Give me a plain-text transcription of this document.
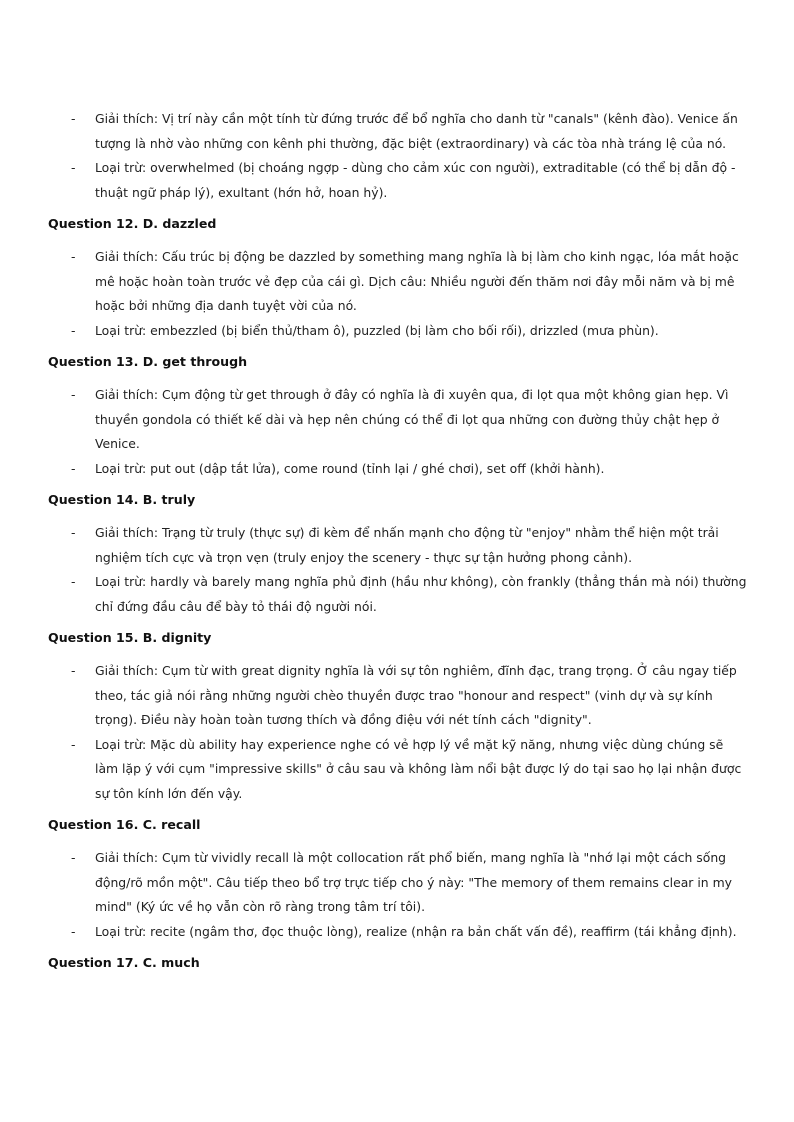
- Giải thích: Vị trí này cần một tính từ đứng trước để bổ nghĩa cho danh từ "canals" (kênh đào). Venice ấn tượng là nhờ vào những con kênh phi thường, đặc biệt (extraordinary) và các tòa nhà tráng lệ của nó.
- Loại trừ: overwhelmed (bị choáng ngợp - dùng cho cảm xúc con người), extraditable (có thể bị dẫn độ - thuật ngữ pháp lý), exultant (hớn hở, hoan hỷ).
Question 12. D. dazzled
- Giải thích: Cấu trúc bị động be dazzled by something mang nghĩa là bị làm cho kinh ngạc, lóa mắt hoặc mê hoặc hoàn toàn trước vẻ đẹp của cái gì. Dịch câu: Nhiều người đến thăm nơi đây mỗi năm và bị mê hoặc bởi những địa danh tuyệt vời của nó.
- Loại trừ: embezzled (bị biển thủ/tham ô), puzzled (bị làm cho bối rối), drizzled (mưa phùn).
Question 13. D. get through
- Giải thích: Cụm động từ get through ở đây có nghĩa là đi xuyên qua, đi lọt qua một không gian hẹp. Vì thuyền gondola có thiết kế dài và hẹp nên chúng có thể đi lọt qua những con đường thủy chật hẹp ở Venice.
- Loại trừ: put out (dập tắt lửa), come round (tỉnh lại / ghé chơi), set off (khởi hành).
Question 14. B. truly
- Giải thích: Trạng từ truly (thực sự) đi kèm để nhấn mạnh cho động từ "enjoy" nhằm thể hiện một trải nghiệm tích cực và trọn vẹn (truly enjoy the scenery - thực sự tận hưởng phong cảnh).
- Loại trừ: hardly và barely mang nghĩa phủ định (hầu như không), còn frankly (thẳng thắn mà nói) thường chỉ đứng đầu câu để bày tỏ thái độ người nói.
Question 15. B. dignity
- Giải thích: Cụm từ with great dignity nghĩa là với sự tôn nghiêm, đĩnh đạc, trang trọng. Ở câu ngay tiếp theo, tác giả nói rằng những người chèo thuyền được trao "honour and respect" (vinh dự và sự kính trọng). Điều này hoàn toàn tương thích và đồng điệu với nét tính cách "dignity".
- Loại trừ: Mặc dù ability hay experience nghe có vẻ hợp lý về mặt kỹ năng, nhưng việc dùng chúng sẽ làm lặp ý với cụm "impressive skills" ở câu sau và không làm nổi bật được lý do tại sao họ lại nhận được sự tôn kính lớn đến vậy.
Question 16. C. recall
- Giải thích: Cụm từ vividly recall là một collocation rất phổ biến, mang nghĩa là "nhớ lại một cách sống động/rõ mồn một". Câu tiếp theo bổ trợ trực tiếp cho ý này: "The memory of them remains clear in my mind" (Ký ức về họ vẫn còn rõ ràng trong tâm trí tôi).
- Loại trừ: recite (ngâm thơ, đọc thuộc lòng), realize (nhận ra bản chất vấn đề), reaffirm (tái khẳng định).
Question 17. C. much
